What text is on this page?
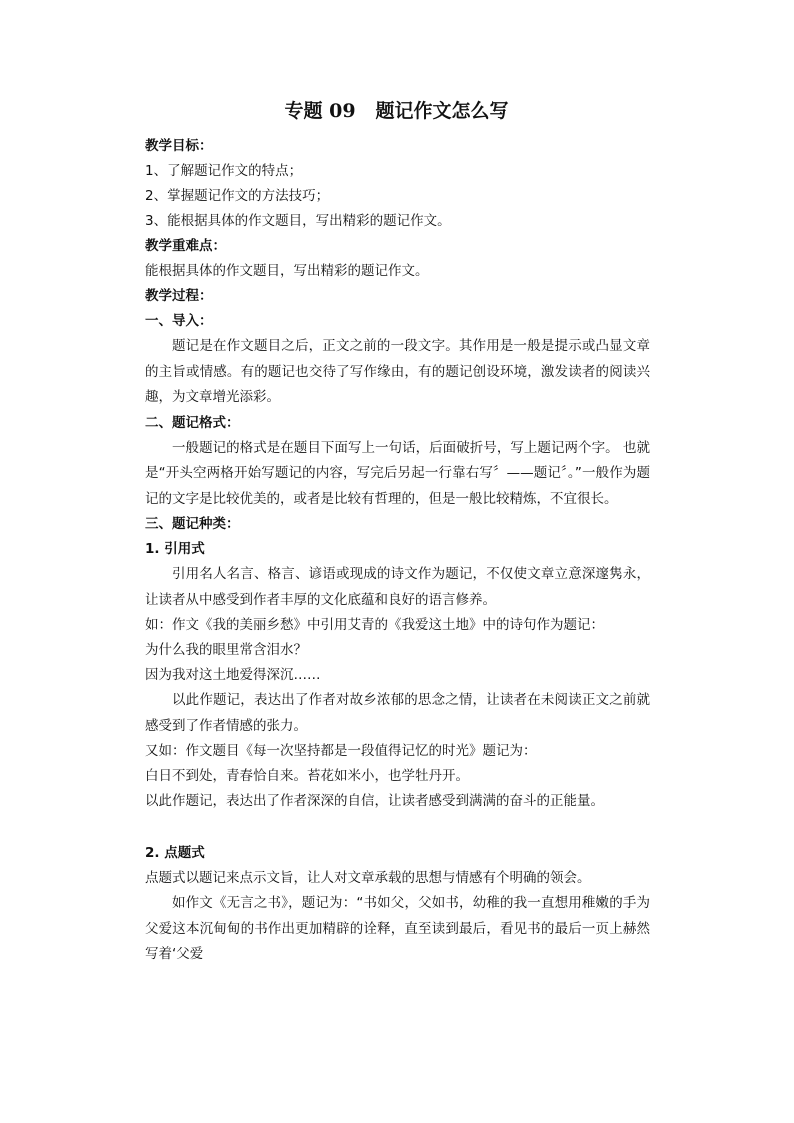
专题 09   题记作文怎么写
教学目标：
1、了解题记作文的特点；
2、掌握题记作文的方法技巧；
3、能根据具体的作文题目，写出精彩的题记作文。
教学重难点：
能根据具体的作文题目，写出精彩的题记作文。
教学过程：
一、导入：
题记是在作文题目之后，正文之前的一段文字。其作用是一般是提示或凸显文章的主旨或情感。有的题记也交待了写作缘由，有的题记创设环境，激发读者的阅读兴趣，为文章增光添彩。
二、题记格式：
一般题记的格式是在题目下面写上一句话，后面破折号，写上题记两个字。 也就是“开头空两格开始写题记的内容，写完后另起一行靠右写〞——题记〞。”一般作为题记的文字是比较优美的，或者是比较有哲理的，但是一般比较精炼，不宜很长。
三、题记种类：
1. 引用式
引用名人名言、格言、谚语或现成的诗文作为题记，不仅使文章立意深邃隽永，让读者从中感受到作者丰厚的文化底蕴和良好的语言修养。
如：作文《我的美丽乡愁》中引用艾青的《我爱这土地》中的诗句作为题记：
为什么我的眼里常含泪水？
因为我对这土地爱得深沉……
以此作题记，表达出了作者对故乡浓郁的思念之情，让读者在未阅读正文之前就感受到了作者情感的张力。
又如：作文题目《每一次坚持都是一段值得记忆的时光》题记为：
白日不到处，青春恰自来。苔花如米小，也学牡丹开。
以此作题记，表达出了作者深深的自信，让读者感受到满满的奋斗的正能量。
2. 点题式
点题式以题记来点示文旨，让人对文章承载的思想与情感有个明确的领会。
如作文《无言之书》，题记为：“书如父，父如书，幼稚的我一直想用稚嫩的手为父爱这本沉甸甸的书作出更加精辟的诠释，直至读到最后，看见书的最后一页上赫然写着‘父爱
